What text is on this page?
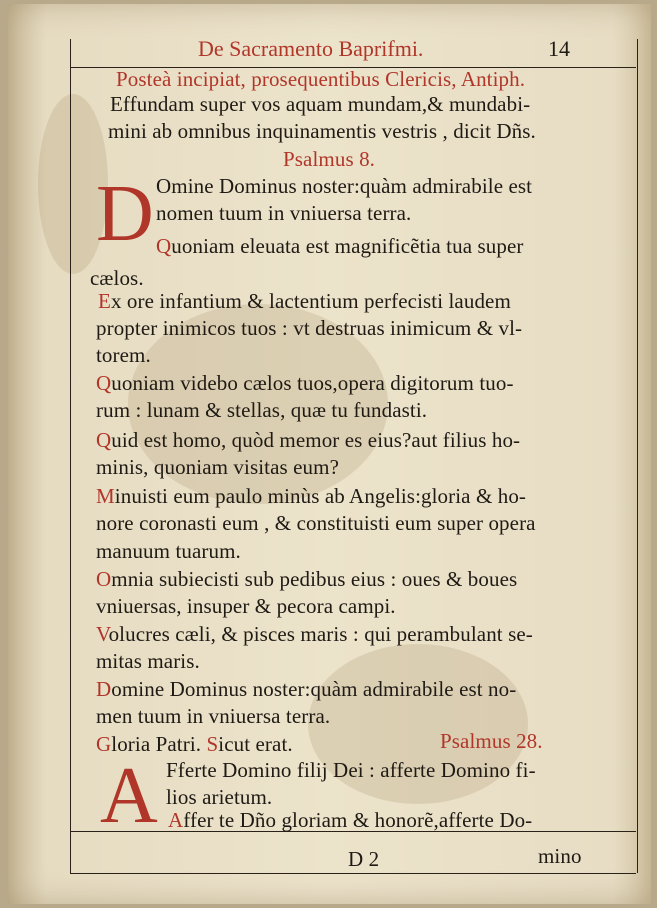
De Sacramento Baprifmi.	14
Posteà incipiat, prosequentibus Clericis, Antiph.
Effundam super vos aquam mundam,& mundabi-
mini ab omnibus inquinamentis vestris , dicit Dñs.
Psalmus 8.
D Omine Dominus noster:quàm admirabile est
nomen tuum in vniuersa terra.
Quoniam eleuata est magnificẽtia tua super
cælos.
Ex ore infantium & lactentium perfecisti laudem
propter inimicos tuos : vt destruas inimicum & vl-
torem.
Quoniam videbo cælos tuos,opera digitorum tuo-
rum : lunam & stellas, quæ tu fundasti.
Quid est homo, quòd memor es eius?aut filius ho-
minis, quoniam visitas eum?
Minuisti eum paulo minùs ab Angelis:gloria & ho-
nore coronasti eum , & constituisti eum super opera
manuum tuarum.
Omnia subiecisti sub pedibus eius : oues & boues
vniuersas, insuper & pecora campi.
Volucres cæli, & pisces maris : qui perambulant se-
mitas maris.
Domine Dominus noster:quàm admirabile est no-
men tuum in vniuersa terra.
Gloria Patri. Sicut erat.	Psalmus 28.
A Fferte Domino filij Dei : afferte Domino fi-
lios arietum.
Affer te Dño gloriam & honorẽ,afferte Do-
D 2	mino
